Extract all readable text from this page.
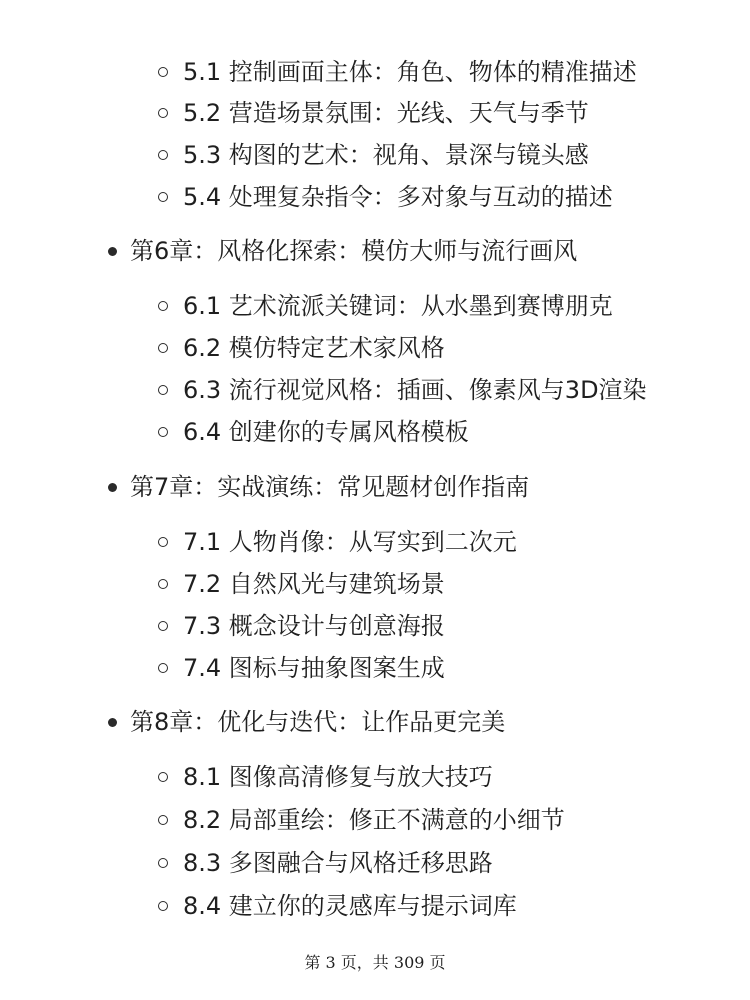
5.1 控制画面主体：角色、物体的精准描述
5.2 营造场景氛围：光线、天气与季节
5.3 构图的艺术：视角、景深与镜头感
5.4 处理复杂指令：多对象与互动的描述
第6章：风格化探索：模仿大师与流行画风
6.1 艺术流派关键词：从水墨到赛博朋克
6.2 模仿特定艺术家风格
6.3 流行视觉风格：插画、像素风与3D渲染
6.4 创建你的专属风格模板
第7章：实战演练：常见题材创作指南
7.1 人物肖像：从写实到二次元
7.2 自然风光与建筑场景
7.3 概念设计与创意海报
7.4 图标与抽象图案生成
第8章：优化与迭代：让作品更完美
8.1 图像高清修复与放大技巧
8.2 局部重绘：修正不满意的小细节
8.3 多图融合与风格迁移思路
8.4 建立你的灵感库与提示词库
第 3 页，共 309 页
